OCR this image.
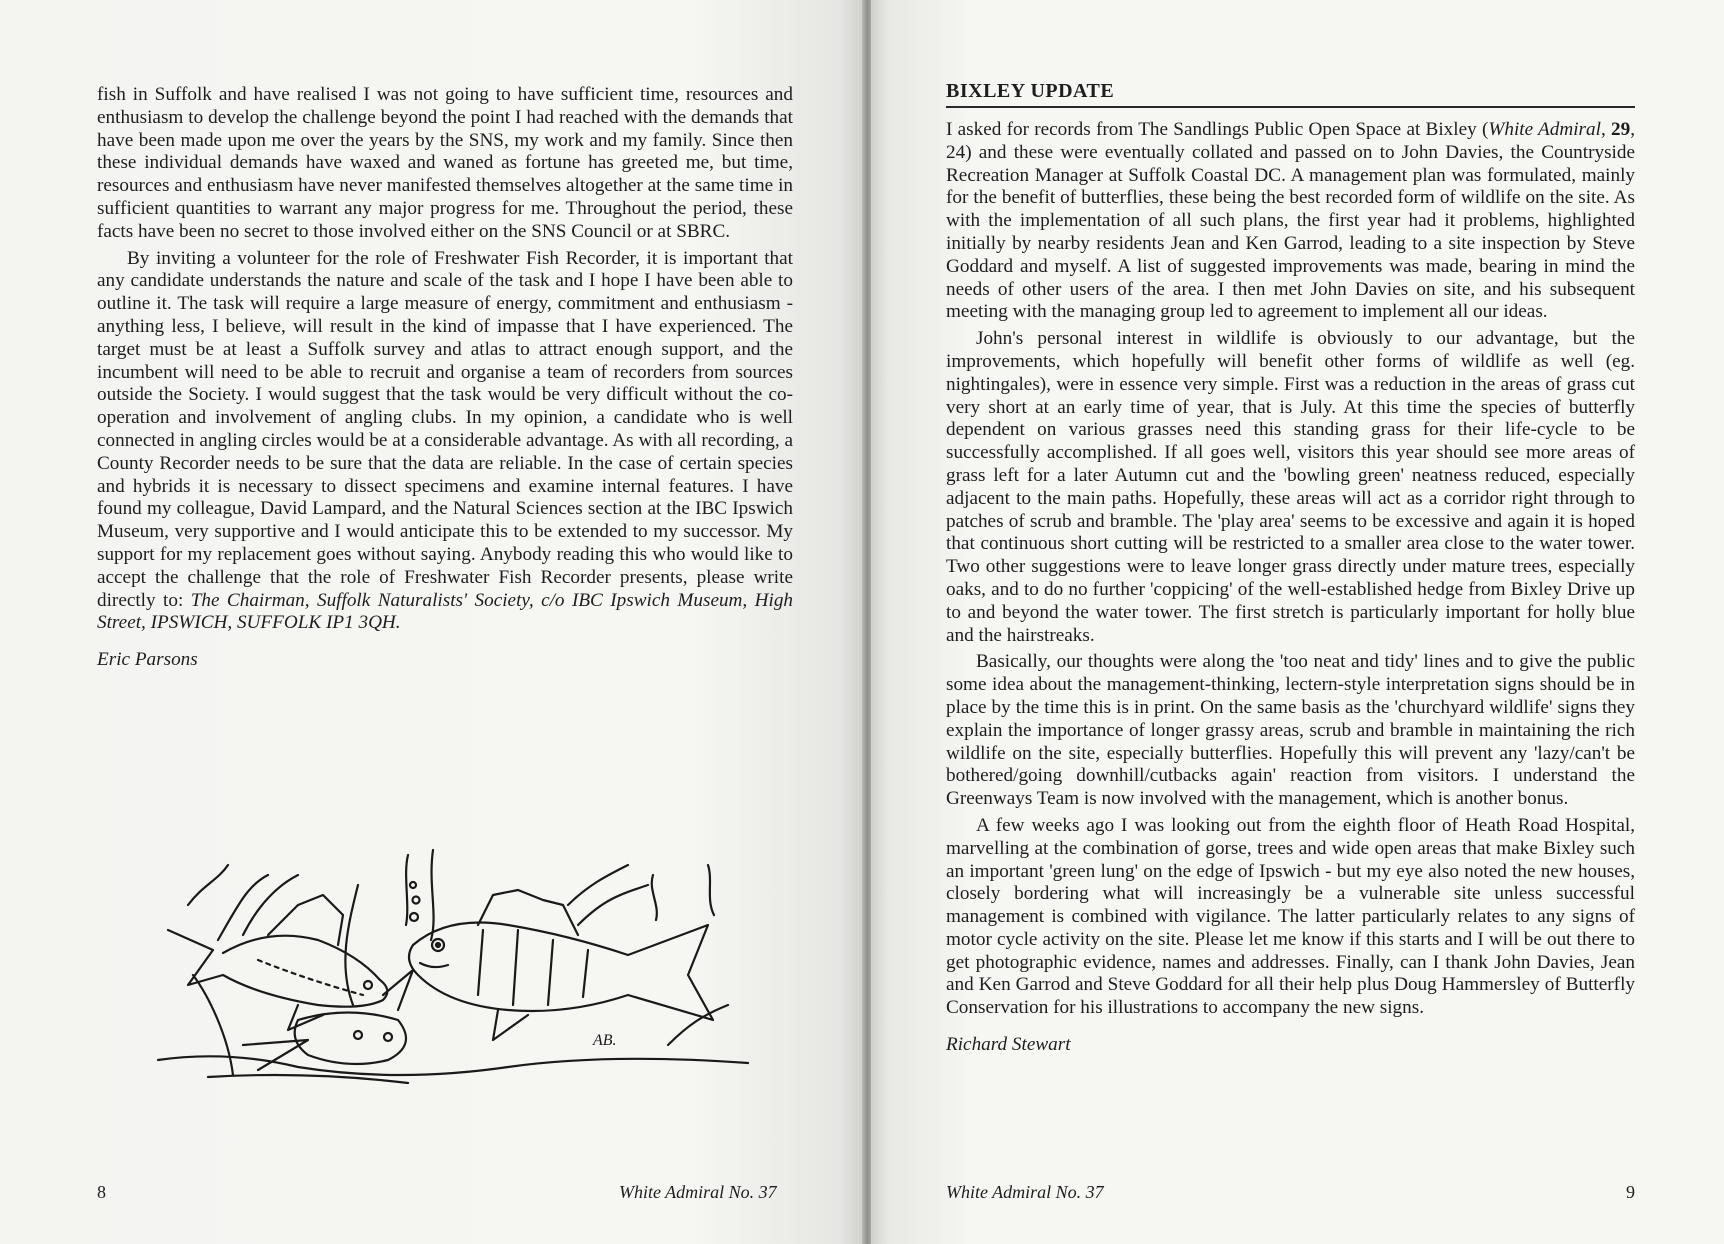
fish in Suffolk and have realised I was not going to have sufficient time, resources and enthusiasm to develop the challenge beyond the point I had reached with the demands that have been made upon me over the years by the SNS, my work and my family. Since then these individual demands have waxed and waned as fortune has greeted me, but time, resources and enthusiasm have never manifested themselves altogether at the same time in sufficient quantities to warrant any major progress for me. Throughout the period, these facts have been no secret to those involved either on the SNS Council or at SBRC.

By inviting a volunteer for the role of Freshwater Fish Recorder, it is important that any candidate understands the nature and scale of the task and I hope I have been able to outline it. The task will require a large measure of energy, commitment and enthusiasm - anything less, I believe, will result in the kind of impasse that I have experienced. The target must be at least a Suffolk survey and atlas to attract enough support, and the incumbent will need to be able to recruit and organise a team of recorders from sources outside the Society. I would suggest that the task would be very difficult without the co-operation and involvement of angling clubs. In my opinion, a candidate who is well connected in angling circles would be at a considerable advantage. As with all recording, a County Recorder needs to be sure that the data are reliable. In the case of certain species and hybrids it is necessary to dissect specimens and examine internal features. I have found my colleague, David Lampard, and the Natural Sciences section at the IBC Ipswich Museum, very supportive and I would anticipate this to be extended to my successor. My support for my replacement goes without saying. Anybody reading this who would like to accept the challenge that the role of Freshwater Fish Recorder presents, please write directly to: The Chairman, Suffolk Naturalists' Society, c/o IBC Ipswich Museum, High Street, IPSWICH, SUFFOLK IP1 3QH.

Eric Parsons

AB.
8	White Admiral No. 37
BIXLEY UPDATE

I asked for records from The Sandlings Public Open Space at Bixley (White Admiral, 29, 24) and these were eventually collated and passed on to John Davies, the Countryside Recreation Manager at Suffolk Coastal DC. A management plan was formulated, mainly for the benefit of butterflies, these being the best recorded form of wildlife on the site. As with the implementation of all such plans, the first year had it problems, highlighted initially by nearby residents Jean and Ken Garrod, leading to a site inspection by Steve Goddard and myself. A list of suggested improvements was made, bearing in mind the needs of other users of the area. I then met John Davies on site, and his subsequent meeting with the managing group led to agreement to implement all our ideas.

John's personal interest in wildlife is obviously to our advantage, but the improvements, which hopefully will benefit other forms of wildlife as well (eg. nightingales), were in essence very simple. First was a reduction in the areas of grass cut very short at an early time of year, that is July. At this time the species of butterfly dependent on various grasses need this standing grass for their life-cycle to be successfully accomplished. If all goes well, visitors this year should see more areas of grass left for a later Autumn cut and the 'bowling green' neatness reduced, especially adjacent to the main paths. Hopefully, these areas will act as a corridor right through to patches of scrub and bramble. The 'play area' seems to be excessive and again it is hoped that continuous short cutting will be restricted to a smaller area close to the water tower. Two other suggestions were to leave longer grass directly under mature trees, especially oaks, and to do no further 'coppicing' of the well-established hedge from Bixley Drive up to and beyond the water tower. The first stretch is particularly important for holly blue and the hairstreaks.

Basically, our thoughts were along the 'too neat and tidy' lines and to give the public some idea about the management-thinking, lectern-style interpretation signs should be in place by the time this is in print. On the same basis as the 'churchyard wildlife' signs they explain the importance of longer grassy areas, scrub and bramble in maintaining the rich wildlife on the site, especially butterflies. Hopefully this will prevent any 'lazy/can't be bothered/going downhill/cutbacks again' reaction from visitors. I understand the Greenways Team is now involved with the management, which is another bonus.

A few weeks ago I was looking out from the eighth floor of Heath Road Hospital, marvelling at the combination of gorse, trees and wide open areas that make Bixley such an important 'green lung' on the edge of Ipswich - but my eye also noted the new houses, closely bordering what will increasingly be a vulnerable site unless successful management is combined with vigilance. The latter particularly relates to any signs of motor cycle activity on the site. Please let me know if this starts and I will be out there to get photographic evidence, names and addresses. Finally, can I thank John Davies, Jean and Ken Garrod and Steve Goddard for all their help plus Doug Hammersley of Butterfly Conservation for his illustrations to accompany the new signs.

Richard Stewart

White Admiral No. 37	9
